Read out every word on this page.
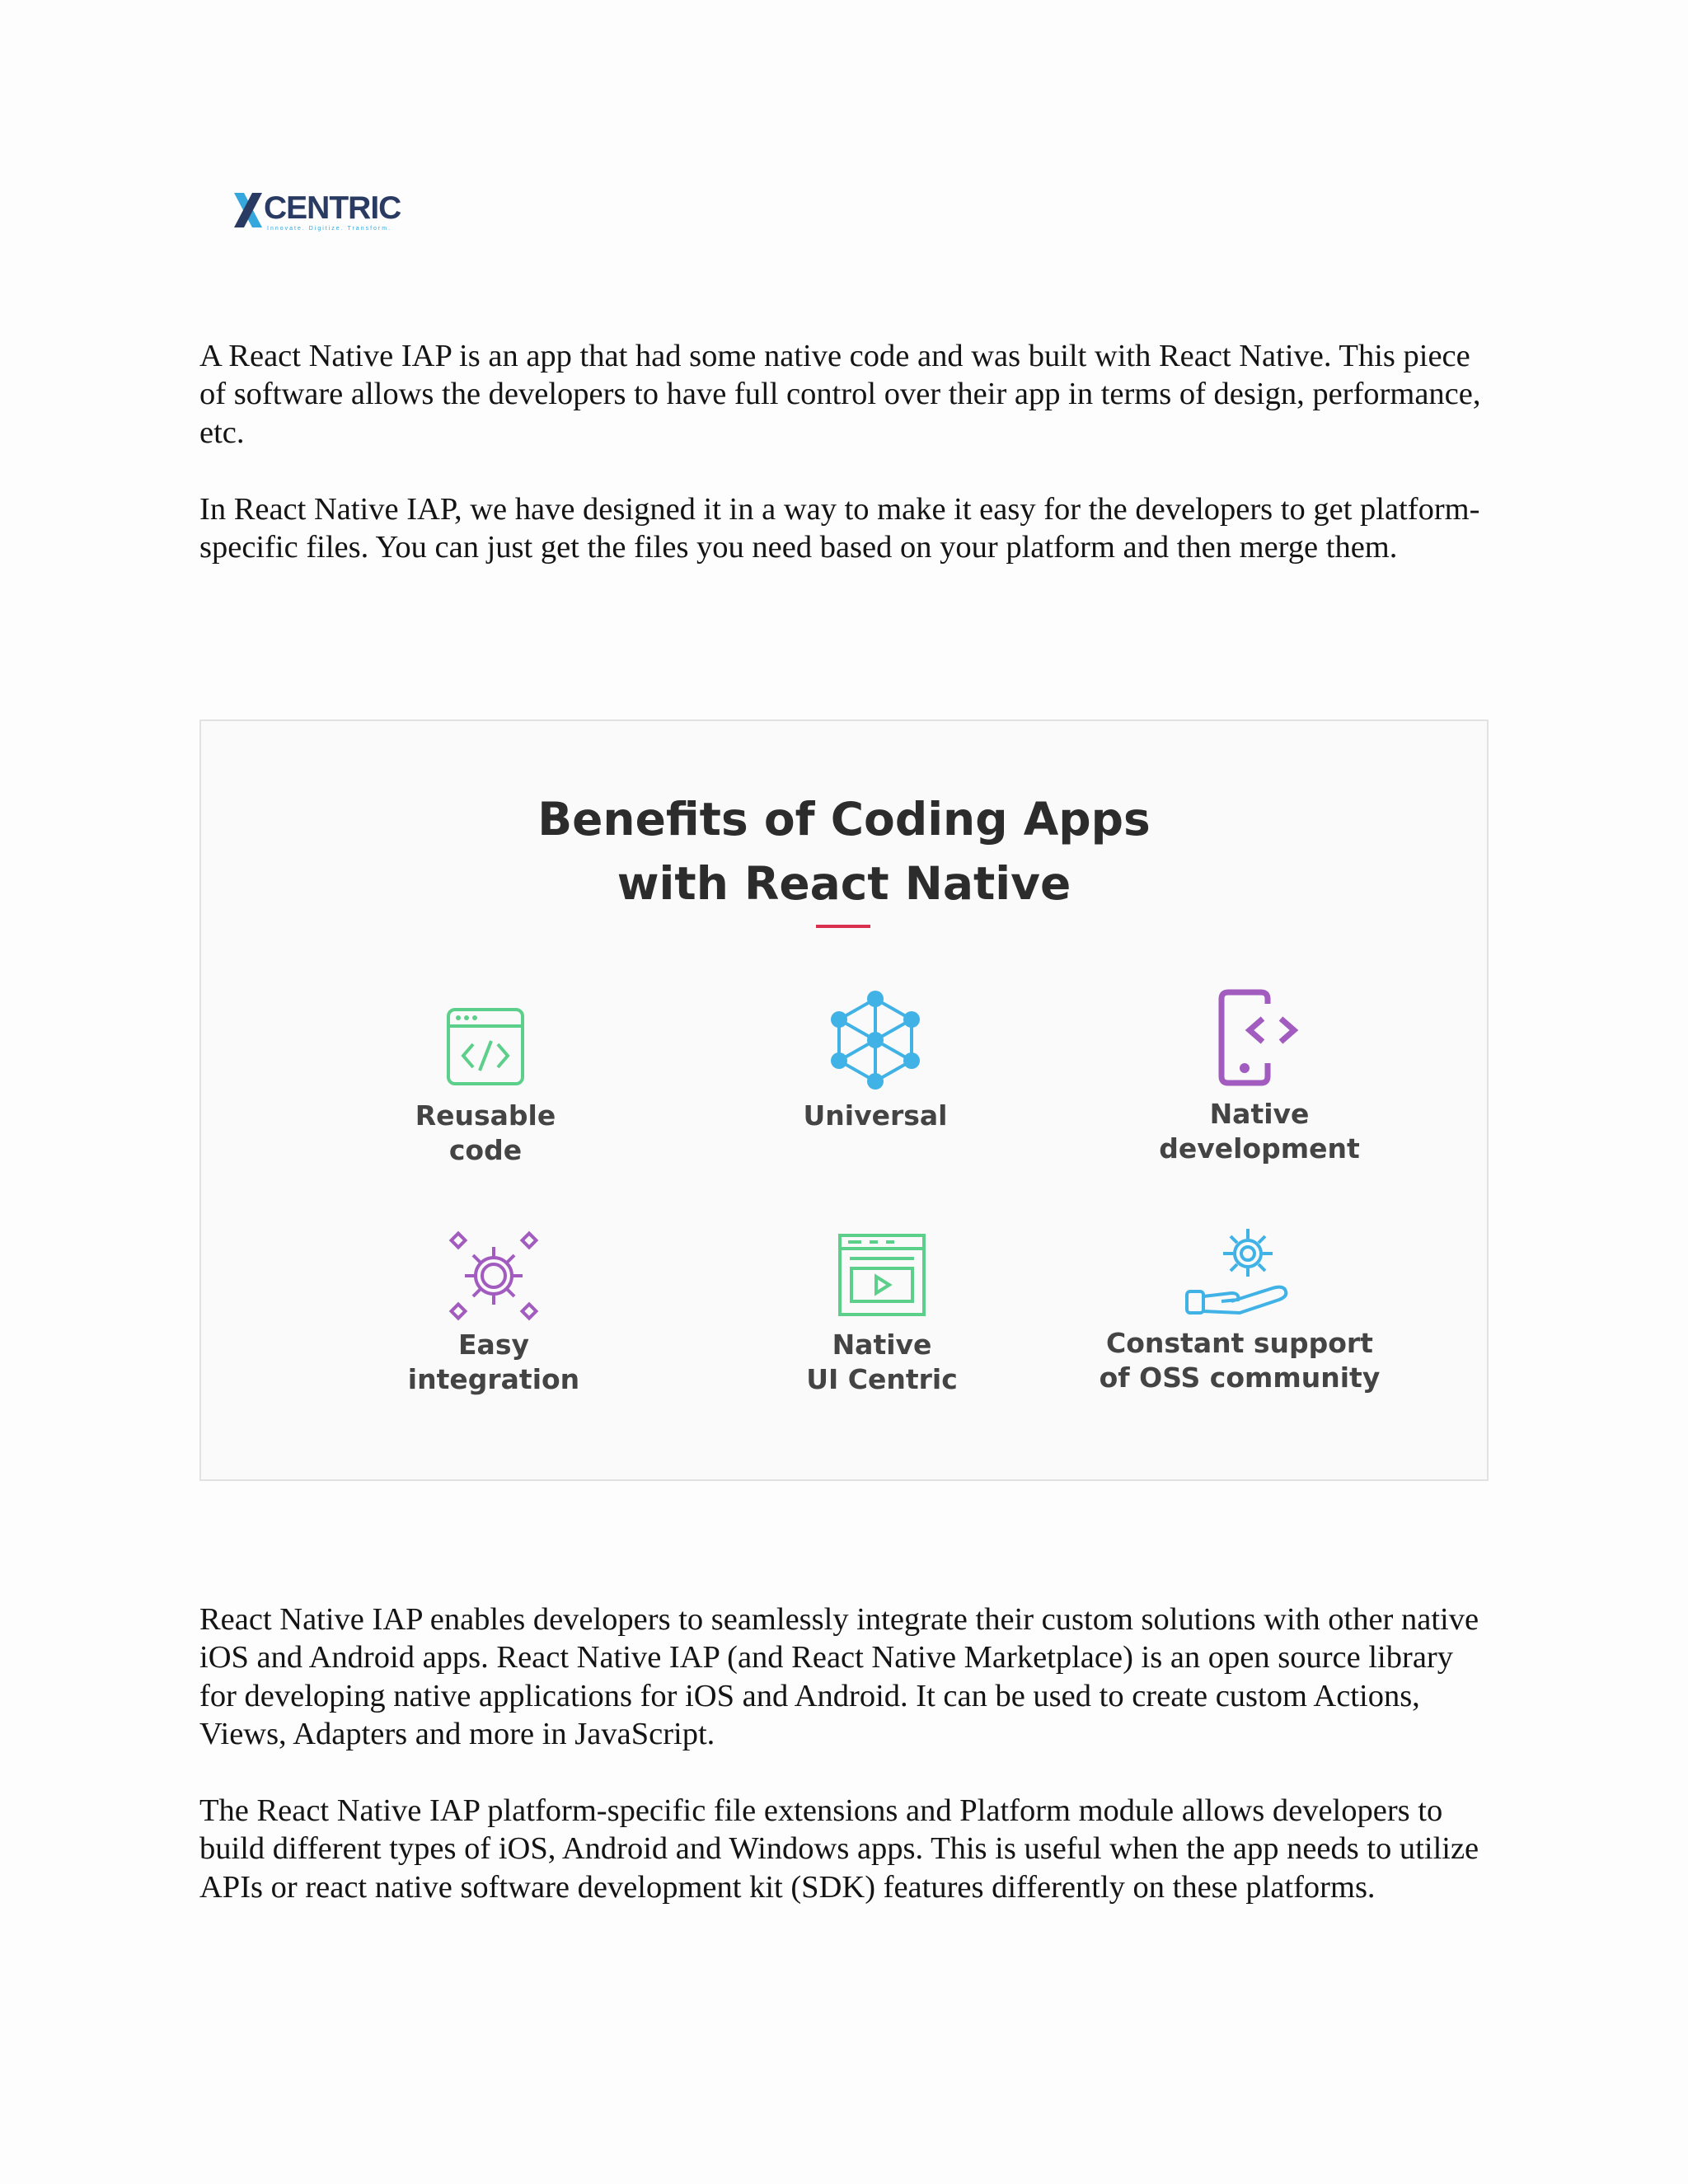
CENTRIC
Innovate. Digitize. Transform.

A React Native IAP is an app that had some native code and was built with React Native. This piece of software allows the developers to have full control over their app in terms of design, performance, etc.

In React Native IAP, we have designed it in a way to make it easy for the developers to get platform-specific files. You can just get the files you need based on your platform and then merge them.

Benefits of Coding Apps
with React Native
Reusable
code
Universal	Native
development
Easy
integration
Native
UI Centric
Constant support
of OSS community

React Native IAP enables developers to seamlessly integrate their custom solutions with other native iOS and Android apps. React Native IAP (and React Native Marketplace) is an open source library for developing native applications for iOS and Android. It can be used to create custom Actions, Views, Adapters and more in JavaScript.

The React Native IAP platform-specific file extensions and Platform module allows developers to build different types of iOS, Android and Windows apps. This is useful when the app needs to utilize APIs or react native software development kit (SDK) features differently on these platforms.
